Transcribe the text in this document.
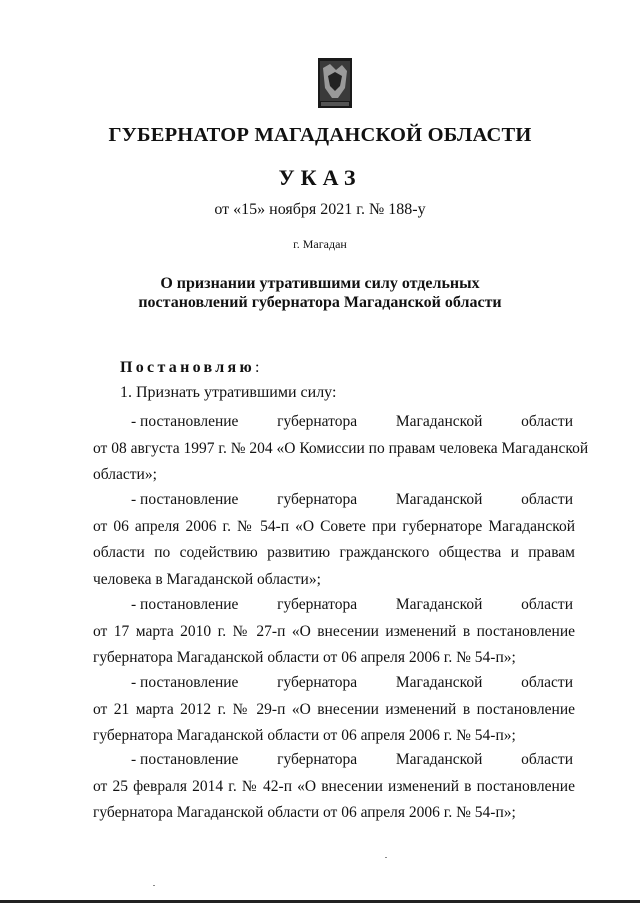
ГУБЕРНАТОР МАГАДАНСКОЙ ОБЛАСТИ
УКАЗ
от «15» ноября 2021 г. № 188-у
г. Магадан
О признании утратившими силу отдельных
постановлений губернатора Магаданской области
Постановляю:
1. Признать утратившими силу:
- постановление губернатора Магаданской области
от 08 августа 1997 г. № 204 «О Комиссии по правам человека Магаданской
области»;
- постановление губернатора Магаданской области
от 06 апреля 2006 г. № 54-п «О Совете при губернаторе Магаданской
области по содействию развитию гражданского общества и правам
человека в Магаданской области»;
- постановление губернатора Магаданской области
от 17 марта 2010 г. № 27-п «О внесении изменений в постановление
губернатора Магаданской области от 06 апреля 2006 г. № 54-п»;
- постановление губернатора Магаданской области
от 21 марта 2012 г. № 29-п «О внесении изменений в постановление
губернатора Магаданской области от 06 апреля 2006 г. № 54-п»;
- постановление губернатора Магаданской области
от 25 февраля 2014 г. № 42-п «О внесении изменений в постановление
губернатора Магаданской области от 06 апреля 2006 г. № 54-п»;
